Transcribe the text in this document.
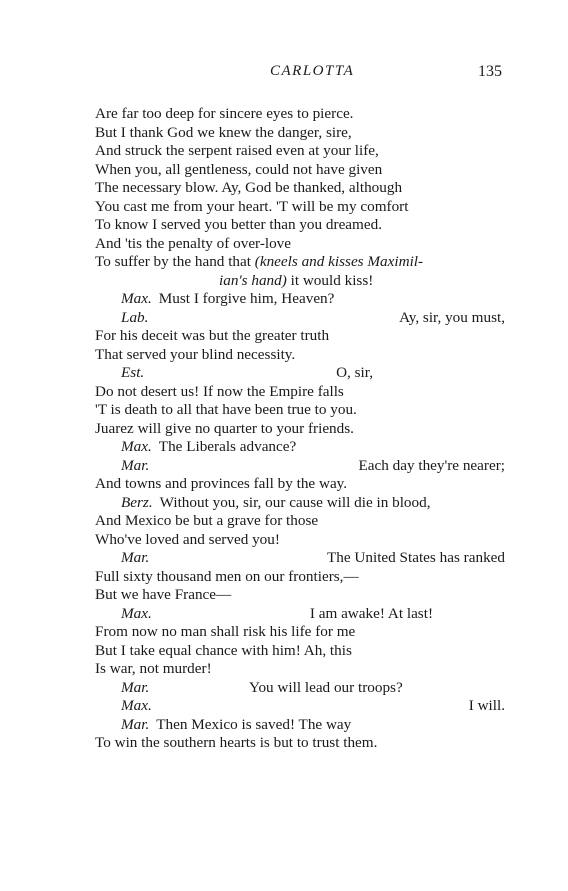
CARLOTTA	135
Are far too deep for sincere eyes to pierce.
But I thank God we knew the danger, sire,
And struck the serpent raised even at your life,
When you, all gentleness, could not have given
The necessary blow. Ay, God be thanked, although
You cast me from your heart. 'T will be my comfort
To know I served you better than you dreamed.
And 'tis the penalty of over-love
To suffer by the hand that (kneels and kisses Maximil-
ian's hand) it would kiss!
Max. Must I forgive him, Heaven?
Lab.	Ay, sir, you must,
For his deceit was but the greater truth
That served your blind necessity.
Est.	O, sir,
Do not desert us! If now the Empire falls
'T is death to all that have been true to you.
Juarez will give no quarter to your friends.
Max. The Liberals advance?
Mar.	Each day they're nearer;
And towns and provinces fall by the way.
Berz. Without you, sir, our cause will die in blood,
And Mexico be but a grave for those
Who've loved and served you!
Mar.	The United States has ranked
Full sixty thousand men on our frontiers,—
But we have France—
Max.	I am awake! At last!
From now no man shall risk his life for me
But I take equal chance with him! Ah, this
Is war, not murder!
Mar.	You will lead our troops?
Max.	I will.
Mar. Then Mexico is saved! The way
To win the southern hearts is but to trust them.
